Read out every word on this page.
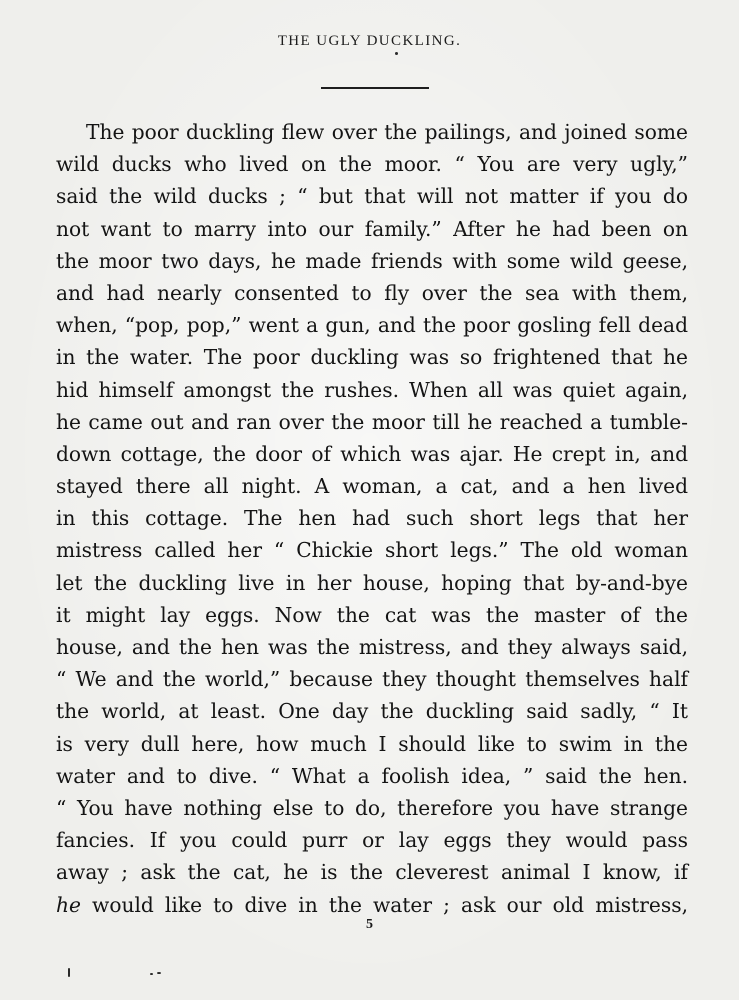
THE UGLY DUCKLING.
The poor duckling flew over the pailings, and joined some
wild ducks who lived on the moor. “ You are very ugly,”
said the wild ducks ; “ but that will not matter if you do
not want to marry into our family.” After he had been on
the moor two days, he made friends with some wild geese,
and had nearly consented to fly over the sea with them,
when, “pop, pop,” went a gun, and the poor gosling fell dead
in the water. The poor duckling was so frightened that he
hid himself amongst the rushes. When all was quiet again,
he came out and ran over the moor till he reached a tumble-
down cottage, the door of which was ajar. He crept in, and
stayed there all night. A woman, a cat, and a hen lived
in this cottage. The hen had such short legs that her
mistress called her “ Chickie short legs.” The old woman
let the duckling live in her house, hoping that by-and-bye
it might lay eggs. Now the cat was the master of the
house, and the hen was the mistress, and they always said,
“ We and the world,” because they thought themselves half
the world, at least. One day the duckling said sadly, “ It
is very dull here, how much I should like to swim in the
water and to dive. “ What a foolish idea, ” said the hen.
“ You have nothing else to do, therefore you have strange
fancies. If you could purr or lay eggs they would pass
away ; ask the cat, he is the cleverest animal I know, if
he would like to dive in the water ; ask our old mistress,
5
